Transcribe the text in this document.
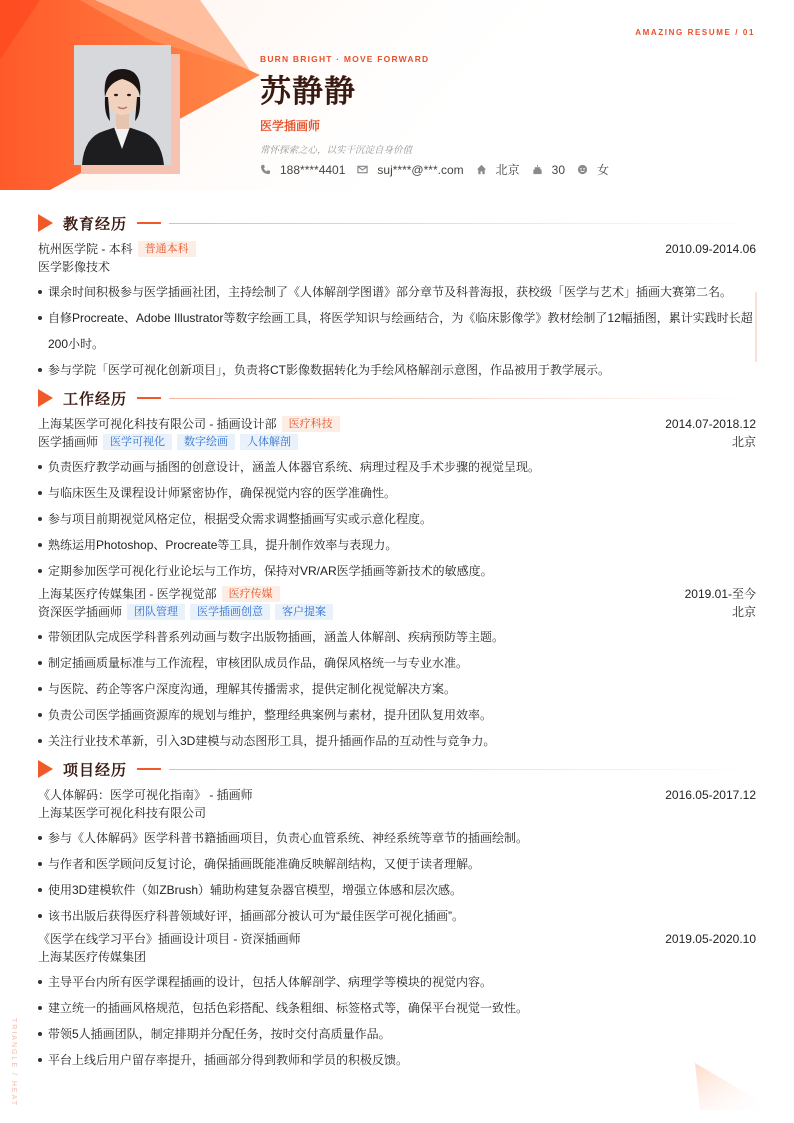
AMAZING RESUME / 01
TRIANGLE / HEAT
BURN BRIGHT · MOVE FORWARD
苏静静
医学插画师
常怀探索之心，以实干沉淀自身价值
188****4401	suj****@***.com	北京	30	女
教育经历
杭州医学院 - 本科	普通本科	2010.09-2014.06
医学影像技术
课余时间积极参与医学插画社团，主持绘制了《人体解剖学图谱》部分章节及科普海报，获校级「医学与艺术」插画大赛第二名。
自修Procreate、Adobe Illustrator等数字绘画工具，将医学知识与绘画结合，为《临床影像学》教材绘制了12幅插图，累计实践时长超200小时。
参与学院「医学可视化创新项目」，负责将CT影像数据转化为手绘风格解剖示意图，作品被用于教学展示。
工作经历
上海某医学可视化科技有限公司 - 插画设计部	医疗科技	2014.07-2018.12
医学插画师	医学可视化	数字绘画	人体解剖	北京
负责医疗教学动画与插图的创意设计，涵盖人体器官系统、病理过程及手术步骤的视觉呈现。
与临床医生及课程设计师紧密协作，确保视觉内容的医学准确性。
参与项目前期视觉风格定位，根据受众需求调整插画写实或示意化程度。
熟练运用Photoshop、Procreate等工具，提升制作效率与表现力。
定期参加医学可视化行业论坛与工作坊，保持对VR/AR医学插画等新技术的敏感度。
上海某医疗传媒集团 - 医学视觉部	医疗传媒	2019.01-至今
资深医学插画师	团队管理	医学插画创意	客户提案	北京
带领团队完成医学科普系列动画与数字出版物插画，涵盖人体解剖、疾病预防等主题。
制定插画质量标准与工作流程，审核团队成员作品，确保风格统一与专业水准。
与医院、药企等客户深度沟通，理解其传播需求，提供定制化视觉解决方案。
负责公司医学插画资源库的规划与维护，整理经典案例与素材，提升团队复用效率。
关注行业技术革新，引入3D建模与动态图形工具，提升插画作品的互动性与竞争力。
项目经历
《人体解码：医学可视化指南》 - 插画师	2016.05-2017.12
上海某医学可视化科技有限公司
参与《人体解码》医学科普书籍插画项目，负责心血管系统、神经系统等章节的插画绘制。
与作者和医学顾问反复讨论，确保插画既能准确反映解剖结构，又便于读者理解。
使用3D建模软件（如ZBrush）辅助构建复杂器官模型，增强立体感和层次感。
该书出版后获得医疗科普领域好评，插画部分被认可为“最佳医学可视化插画”。
《医学在线学习平台》插画设计项目 - 资深插画师	2019.05-2020.10
上海某医疗传媒集团
主导平台内所有医学课程插画的设计，包括人体解剖学、病理学等模块的视觉内容。
建立统一的插画风格规范，包括色彩搭配、线条粗细、标签格式等，确保平台视觉一致性。
带领5人插画团队，制定排期并分配任务，按时交付高质量作品。
平台上线后用户留存率提升，插画部分得到教师和学员的积极反馈。
